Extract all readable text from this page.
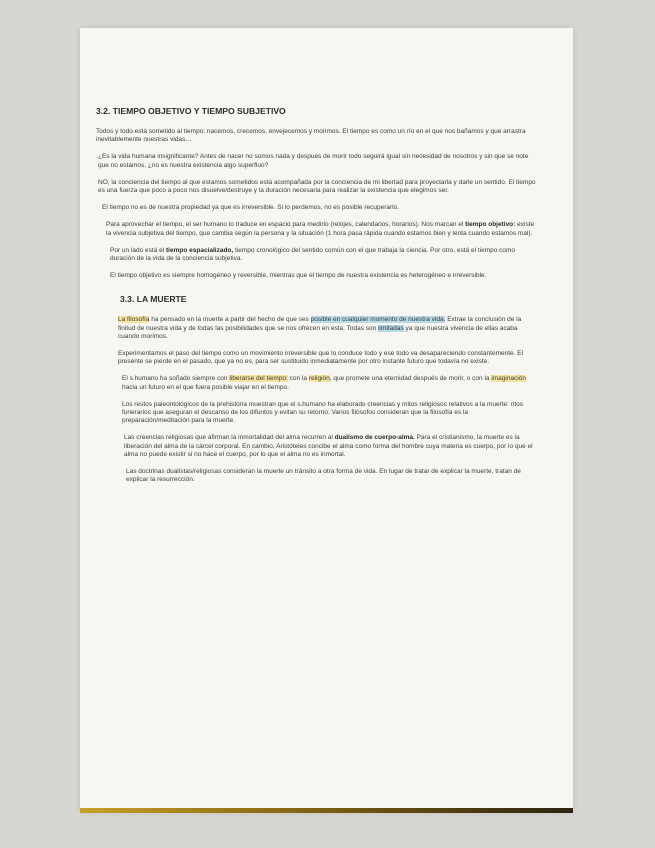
3.2. TIEMPO OBJETIVO Y TIEMPO SUBJETIVO

Todos y todo está sometido al tiempo: nacemos, crecemos, envejecemos y morimos. El tiempo es como un río en el que nos bañamos y que arrastra inevitablemente nuestras vidas…

¿Es la vida humana insignificante? Antes de nacer no somos nada y después de morir todo seguirá igual sin necesidad de nosotros y sin que se note que no estamos, ¿no es nuestra existencia algo superfluo?

NO, la conciencia del tiempo al que estamos sometidos está acompañada por la conciencia de mi libertad para proyectarla y darle un sentido. El tiempo es una fuerza que poco a poco nos disuelve/destruye y la duración necesaria para realizar la existencia que elegimos ser.

El tiempo no es de nuestra propiedad ya que es irreversible. Si lo perdemos, no es posible recuperarlo.

Para aprovechar el tiempo, el ser humano lo traduce en espacio para medirlo (relojes, calendarios, horarios). Nos marcan el tiempo objetivo: existe la vivencia subjetiva del tiempo, que cambia según la persona y la situación (1 hora pasa rápida cuando estamos bien y lenta cuando estamos mal).

Por un lado está el tiempo espacializado, tiempo cronológico del sentido común con el que trabaja la ciencia. Por otro, está el tiempo como duración de la vida de la conciencia subjetiva.

El tiempo objetivo es siempre homogéneo y reversible, mientras que el tiempo de nuestra existencia es heterogéneo e irreversible.

3.3. LA MUERTE

La filosofía ha pensado en la muerte a partir del hecho de que ses posible en cualquier momento de nuestra vida. Extrae la conclusión de la finitud de nuestra vida y de todas las posibilidades que se nos ofrecen en esta. Todas son limitadas ya que nuestra vivencia de ellas acaba cuando morimos.

Experimentamos el paso del tiempo como un movimiento irreversible que lo conduce todo y ese todo va desapareciendo constantemente. El presente se pierde en el pasado, que ya no es, para ser sustituido inmediatamente por otro instante futuro que todavía no existe.

El s.humano ha soñado siempre con liberarse del tiempo: con la religión, que promete una eternidad después de morir, o con la imaginación hacia un futuro en el que fuera posible viajar en el tiempo.

Los restos paleontológicos de la prehistoria muestran que el s.humano ha elaborado creencias y mitos religiosos relativos a la muerte: ritos funerarios que aseguran el descanso de los difuntos y evitan su retorno. Varios filósofos consideran que la filosofía es la preparación/meditación para la muerte.

Las creencias religiosas que afirman la inmortalidad del alma recurren al dualismo de cuerpo-alma. Para el cristianismo, la muerte es la liberación del alma de la cárcel corporal. En cambio, Aristóteles concibe el alma como forma del hombre cuya materia es cuerpo, por lo que el alma no puede existir si no hace el cuerpo, por lo que el alma no es inmortal.

Las doctrinas dualistas/religiosas consideran la muerte un tránsito a otra forma de vida. En lugar de tratar de explicar la muerte, tratan de explicar la resurrección.
